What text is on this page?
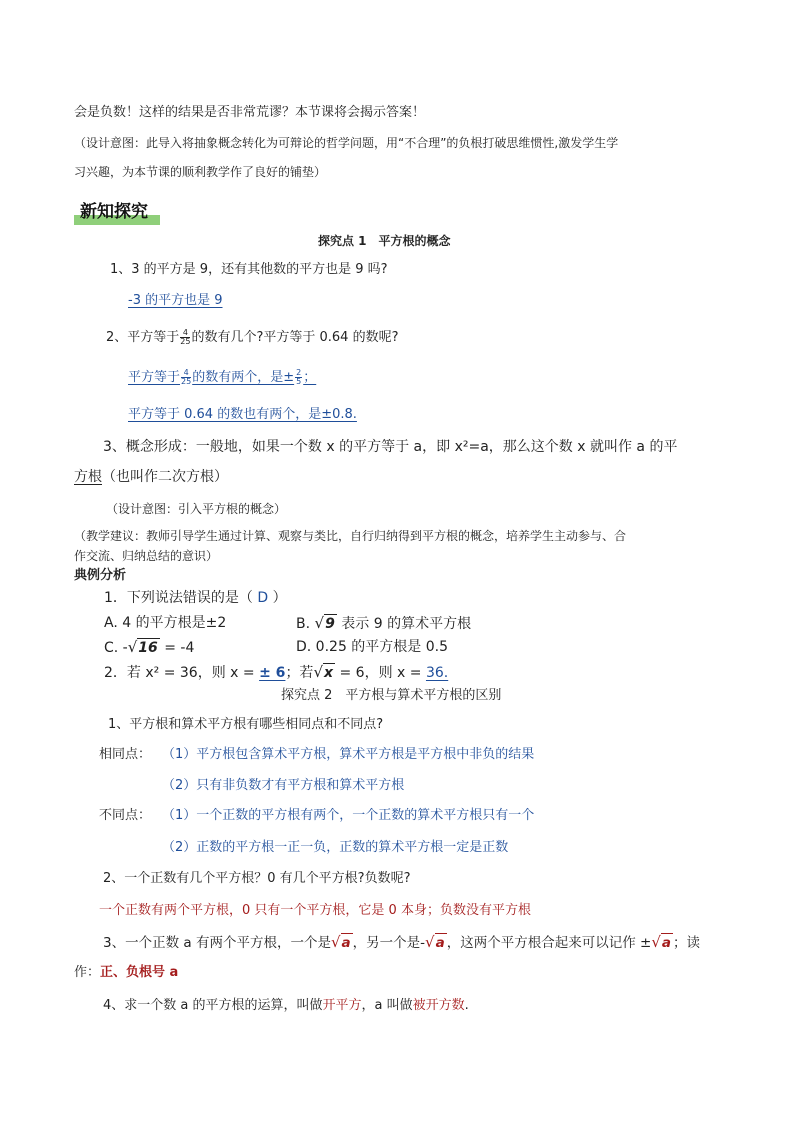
会是负数！这样的结果是否非常荒谬？本节课将会揭示答案！
（设计意图：此导入将抽象概念转化为可辩论的哲学问题，用“不合理”的负根打破思维惯性,激发学生学
习兴趣，为本节课的顺利教学作了良好的铺垫）
新知探究
探究点 1　平方根的概念
1、3 的平方是 9，还有其他数的平方也是 9 吗?
-3 的平方也是 9
2、平方等于 $\frac{4}{25}$ 的数有几个?平方等于 0.64 的数呢?
平方等于 $\frac{4}{25}$ 的数有两个，是± $\frac{2}{5}$ ；
平方等于 0.64 的数也有两个，是±0.8.
3、概念形成：一般地，如果一个数 x 的平方等于 a，即 x²=a，那么这个数 x 就叫作 a 的平
方根（也叫作二次方根）
（设计意图：引入平方根的概念）
（教学建议：教师引导学生通过计算、观察与类比，自行归纳得到平方根的概念，培养学生主动参与、合
作交流、归纳总结的意识）
典例分析
1．下列说法错误的是（ D ）
A. 4 的平方根是±2	B. √9 表示 9 的算术平方根
C. -√16 = -4	D. 0.25 的平方根是 0.5
2．若 x² = 36，则 x = ± 6；若√x = 6，则 x = 36.
探究点 2　平方根与算术平方根的区别
1、平方根和算术平方根有哪些相同点和不同点?
相同点： （1）平方根包含算术平方根，算术平方根是平方根中非负的结果
（2）只有非负数才有平方根和算术平方根
不同点： （1）一个正数的平方根有两个，一个正数的算术平方根只有一个
（2）正数的平方根一正一负，正数的算术平方根一定是正数
2、一个正数有几个平方根？0 有几个平方根?负数呢?
一个正数有两个平方根，0 只有一个平方根，它是 0 本身；负数没有平方根
3、一个正数 a 有两个平方根，一个是√a ，另一个是-√a ，这两个平方根合起来可以记作 ±√a ；读
作：正、负根号 a
4、求一个数 a 的平方根的运算，叫做开平方，a 叫做被开方数.
